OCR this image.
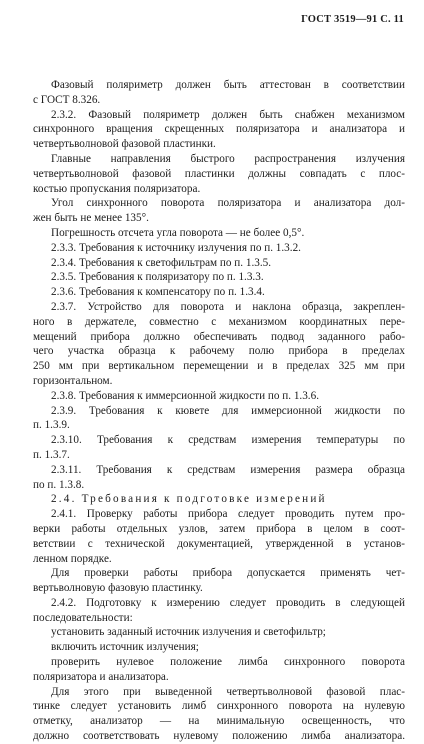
ГОСТ 3519—91 С. 11
Фазовый поляриметр должен быть аттестован в соответствии
с ГОСТ 8.326.
2.3.2. Фазовый поляриметр должен быть снабжен механизмом
синхронного вращения скрещенных поляризатора и анализатора и
четвертьволновой фазовой пластинки.
Главные направления быстрого распространения излучения
четвертьволновой фазовой пластинки должны совпадать с плос-
костью пропускания поляризатора.
Угол синхронного поворота поляризатора и анализатора дол-
жен быть не менее 135°.
Погрешность отсчета угла поворота — не более 0,5°.
2.3.3. Требования к источнику излучения по п. 1.3.2.
2.3.4. Требования к светофильтрам по п. 1.3.5.
2.3.5. Требования к поляризатору по п. 1.3.3.
2.3.6. Требования к компенсатору по п. 1.3.4.
2.3.7. Устройство для поворота и наклона образца, закреплен-
ного в держателе, совместно с механизмом координатных пере-
мещений прибора должно обеспечивать подвод заданного рабо-
чего участка образца к рабочему полю прибора в пределах
250 мм при вертикальном перемещении и в пределах 325 мм при
горизонтальном.
2.3.8. Требования к иммерсионной жидкости по п. 1.3.6.
2.3.9. Требования к кювете для иммерсионной жидкости по
п. 1.3.9.
2.3.10. Требования к средствам измерения температуры по
п. 1.3.7.
2.3.11. Требования к средствам измерения размера образца
по п. 1.3.8.
2.4. Требования к подготовке измерений
2.4.1. Проверку работы прибора следует проводить путем про-
верки работы отдельных узлов, затем прибора в целом в соот-
ветствии с технической документацией, утвержденной в установ-
ленном порядке.
Для проверки работы прибора допускается применять чет-
вертьволновую фазовую пластинку.
2.4.2. Подготовку к измерению следует проводить в следующей
последовательности:
установить заданный источник излучения и светофильтр;
включить источник излучения;
проверить нулевое положение лимба синхронного поворота
поляризатора и анализатора.
Для этого при выведенной четвертьволновой фазовой плас-
тинке следует установить лимб синхронного поворота на нулевую
отметку, анализатор — на минимальную освещенность, что
должно соответствовать нулевому положению лимба анализатора.
